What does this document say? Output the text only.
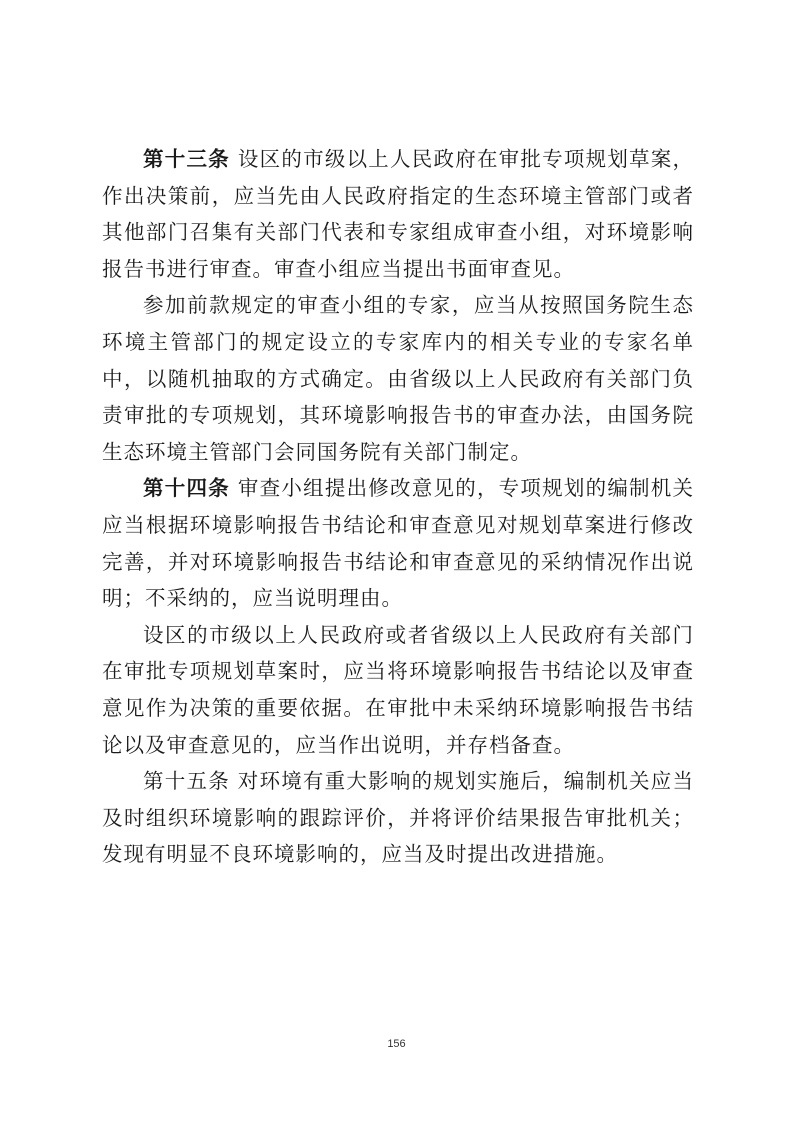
第十三条 设区的市级以上人民政府在审批专项规划草案，作出决策前，应当先由人民政府指定的生态环境主管部门或者其他部门召集有关部门代表和专家组成审查小组，对环境影响报告书进行审查。审查小组应当提出书面审查见。

参加前款规定的审查小组的专家，应当从按照国务院生态环境主管部门的规定设立的专家库内的相关专业的专家名单中，以随机抽取的方式确定。由省级以上人民政府有关部门负责审批的专项规划，其环境影响报告书的审查办法，由国务院生态环境主管部门会同国务院有关部门制定。

第十四条 审查小组提出修改意见的，专项规划的编制机关应当根据环境影响报告书结论和审查意见对规划草案进行修改完善，并对环境影响报告书结论和审查意见的采纳情况作出说明；不采纳的，应当说明理由。

设区的市级以上人民政府或者省级以上人民政府有关部门在审批专项规划草案时，应当将环境影响报告书结论以及审查意见作为决策的重要依据。在审批中未采纳环境影响报告书结论以及审查意见的，应当作出说明，并存档备查。

第十五条 对环境有重大影响的规划实施后，编制机关应当及时组织环境影响的跟踪评价，并将评价结果报告审批机关；发现有明显不良环境影响的，应当及时提出改进措施。

156
